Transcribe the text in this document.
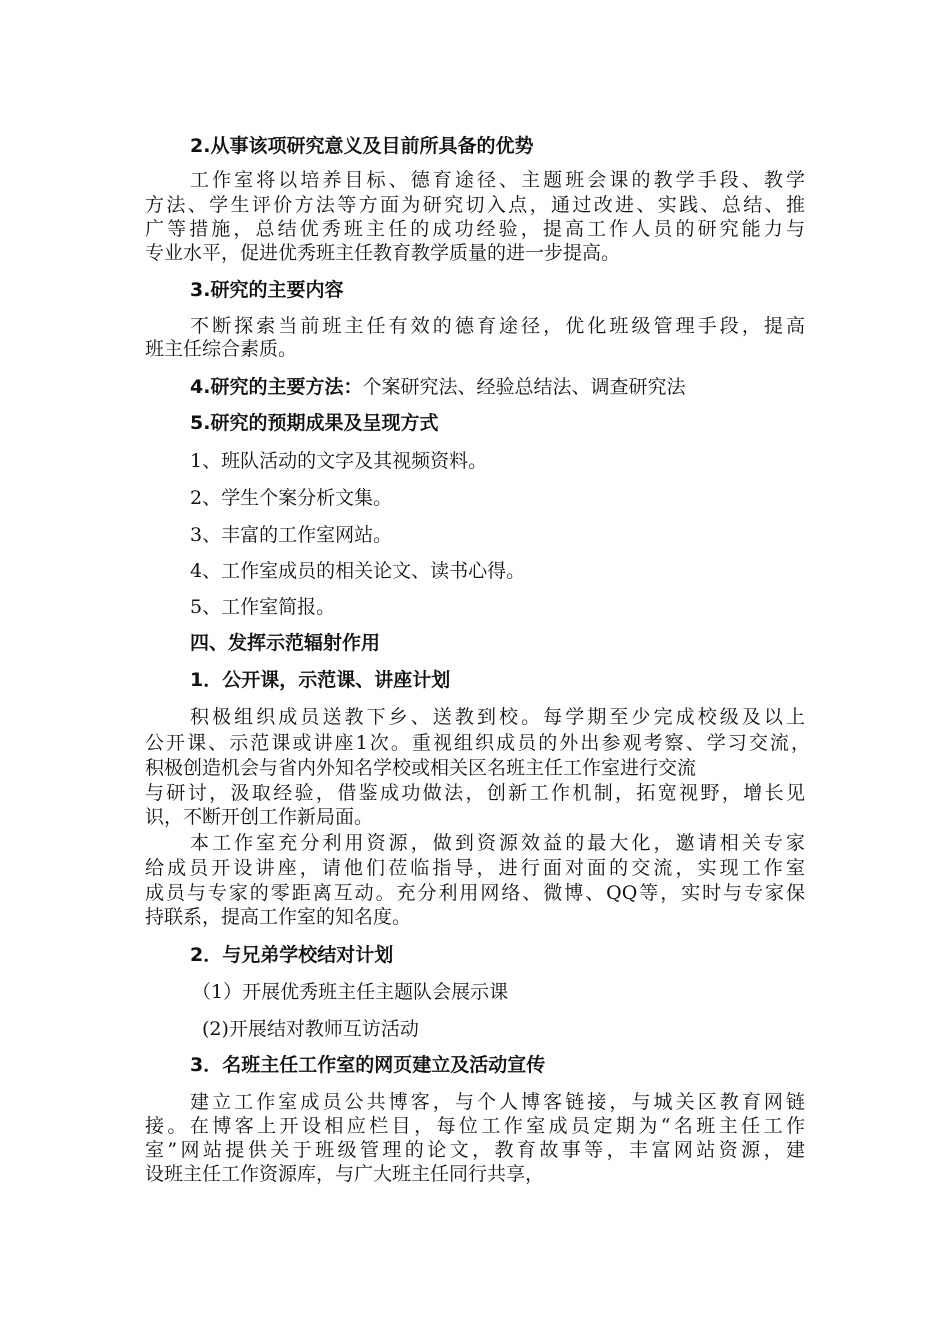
2.从事该项研究意义及目前所具备的优势
工作室将以培养目标、德育途径、主题班会课的教学手段、教学
方法、学生评价方法等方面为研究切入点，通过改进、实践、总结、推
广等措施，总结优秀班主任的成功经验，提高工作人员的研究能力与
专业水平，促进优秀班主任教育教学质量的进一步提高。
3.研究的主要内容
不断探索当前班主任有效的德育途径，优化班级管理手段，提高
班主任综合素质。
4.研究的主要方法：个案研究法、经验总结法、调查研究法
5.研究的预期成果及呈现方式
1、班队活动的文字及其视频资料。
2、学生个案分析文集。
3、丰富的工作室网站。
4、工作室成员的相关论文、读书心得。
5、工作室简报。
四、发挥示范辐射作用
1．公开课，示范课、讲座计划
积极组织成员送教下乡、送教到校。每学期至少完成校级及以上
公开课、示范课或讲座1次。重视组织成员的外出参观考察、学习交流，
积极创造机会与省内外知名学校或相关区名班主任工作室进行交流
与研讨，汲取经验，借鉴成功做法，创新工作机制，拓宽视野，增长见
识，不断开创工作新局面。
本工作室充分利用资源，做到资源效益的最大化，邀请相关专家
给成员开设讲座，请他们莅临指导，进行面对面的交流，实现工作室
成员与专家的零距离互动。充分利用网络、微博、QQ等，实时与专家保
持联系，提高工作室的知名度。
2．与兄弟学校结对计划
（1）开展优秀班主任主题队会展示课
(2)开展结对教师互访活动
3．名班主任工作室的网页建立及活动宣传
建立工作室成员公共博客，与个人博客链接，与城关区教育网链
接。在博客上开设相应栏目，每位工作室成员定期为“名班主任工作
室”网站提供关于班级管理的论文，教育故事等，丰富网站资源，建
设班主任工作资源库，与广大班主任同行共享，
